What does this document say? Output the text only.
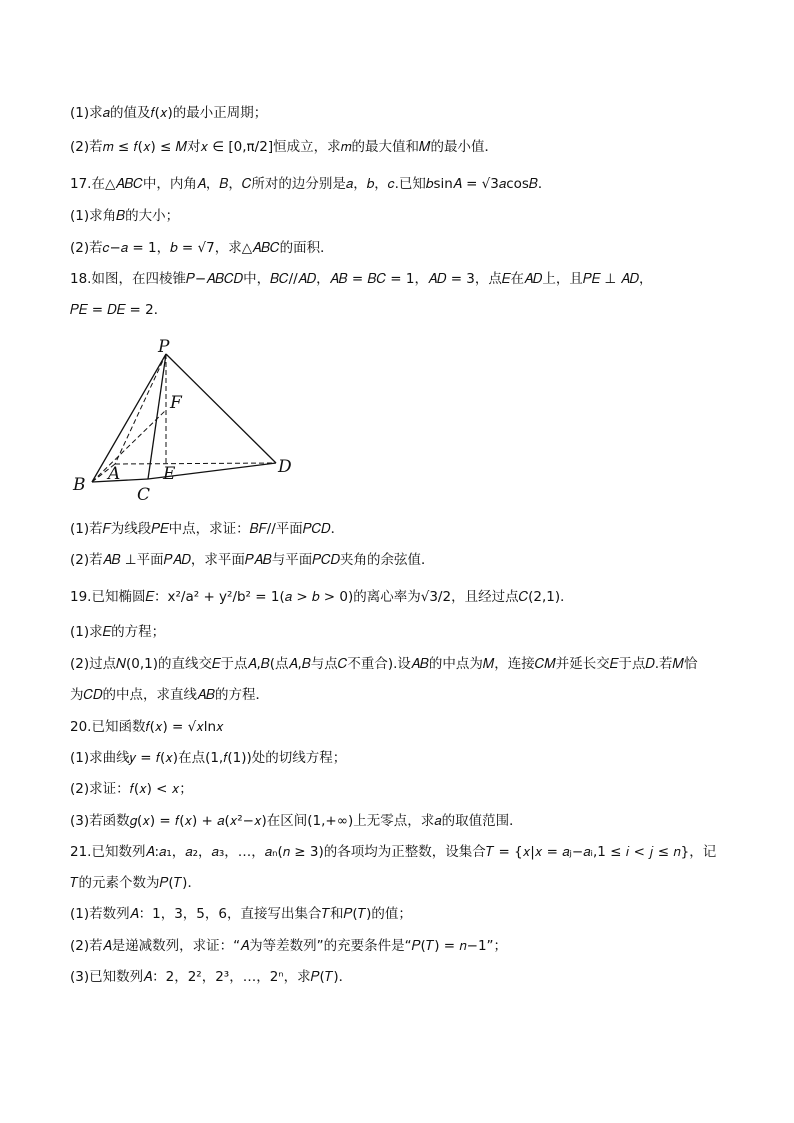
(1)求𝑎的值及𝑓(𝑥)的最小正周期；
(2)若𝑚 ≤ 𝑓(𝑥) ≤ 𝑀对𝑥 ∈ [0,π/2]恒成立，求𝑚的最大值和𝑀的最小值．
17.在△𝐴𝐵𝐶中，内角𝐴，𝐵，𝐶所对的边分别是𝑎，𝑏，𝑐.已知𝑏sin𝐴 = √3𝑎cos𝐵．
(1)求角𝐵的大小；
(2)若𝑐−𝑎 = 1，𝑏 = √7，求△𝐴𝐵𝐶的面积．
18.如图，在四棱锥𝑃−𝐴𝐵𝐶𝐷中，𝐵𝐶//𝐴𝐷，𝐴𝐵 = 𝐵𝐶 = 1，𝐴𝐷 = 3，点𝐸在𝐴𝐷上，且𝑃𝐸 ⊥ 𝐴𝐷，
𝑃𝐸 = 𝐷𝐸 = 2．
P
F
A	E
B	C
D
(1)若𝐹为线段𝑃𝐸中点，求证：𝐵𝐹//平面𝑃𝐶𝐷．
(2)若𝐴𝐵 ⊥平面𝑃𝐴𝐷，求平面𝑃𝐴𝐵与平面𝑃𝐶𝐷夹角的余弦值．
19.已知椭圆𝐸：x²/a² + y²/b² = 1(𝑎 > 𝑏 > 0)的离心率为√3/2，且经过点𝐶(2,1)．
(1)求𝐸的方程；
(2)过点𝑁(0,1)的直线交𝐸于点𝐴,𝐵(点𝐴,𝐵与点𝐶不重合).设𝐴𝐵的中点为𝑀，连接𝐶𝑀并延长交𝐸于点𝐷.若𝑀恰
为𝐶𝐷的中点，求直线𝐴𝐵的方程．
20.已知函数𝑓(𝑥) = √𝑥ln𝑥
(1)求曲线𝑦 = 𝑓(𝑥)在点(1,𝑓(1))处的切线方程；
(2)求证：𝑓(𝑥) < 𝑥；
(3)若函数𝑔(𝑥) = 𝑓(𝑥) + 𝑎(𝑥²−𝑥)在区间(1,+∞)上无零点，求𝑎的取值范围．
21.已知数列𝐴:𝑎₁，𝑎₂，𝑎₃，…，𝑎ₙ(𝑛 ≥ 3)的各项均为正整数，设集合𝑇 = {𝑥|𝑥 = 𝑎ⱼ−𝑎ᵢ,1 ≤ 𝑖 < 𝑗 ≤ 𝑛}，记
𝑇的元素个数为𝑃(𝑇)．
(1)若数列𝐴：1，3，5，6，直接写出集合𝑇和𝑃(𝑇)的值；
(2)若𝐴是递减数列，求证：“𝐴为等差数列”的充要条件是“𝑃(𝑇) = 𝑛−1”；
(3)已知数列𝐴：2，2²，2³，…，2ⁿ，求𝑃(𝑇)．
